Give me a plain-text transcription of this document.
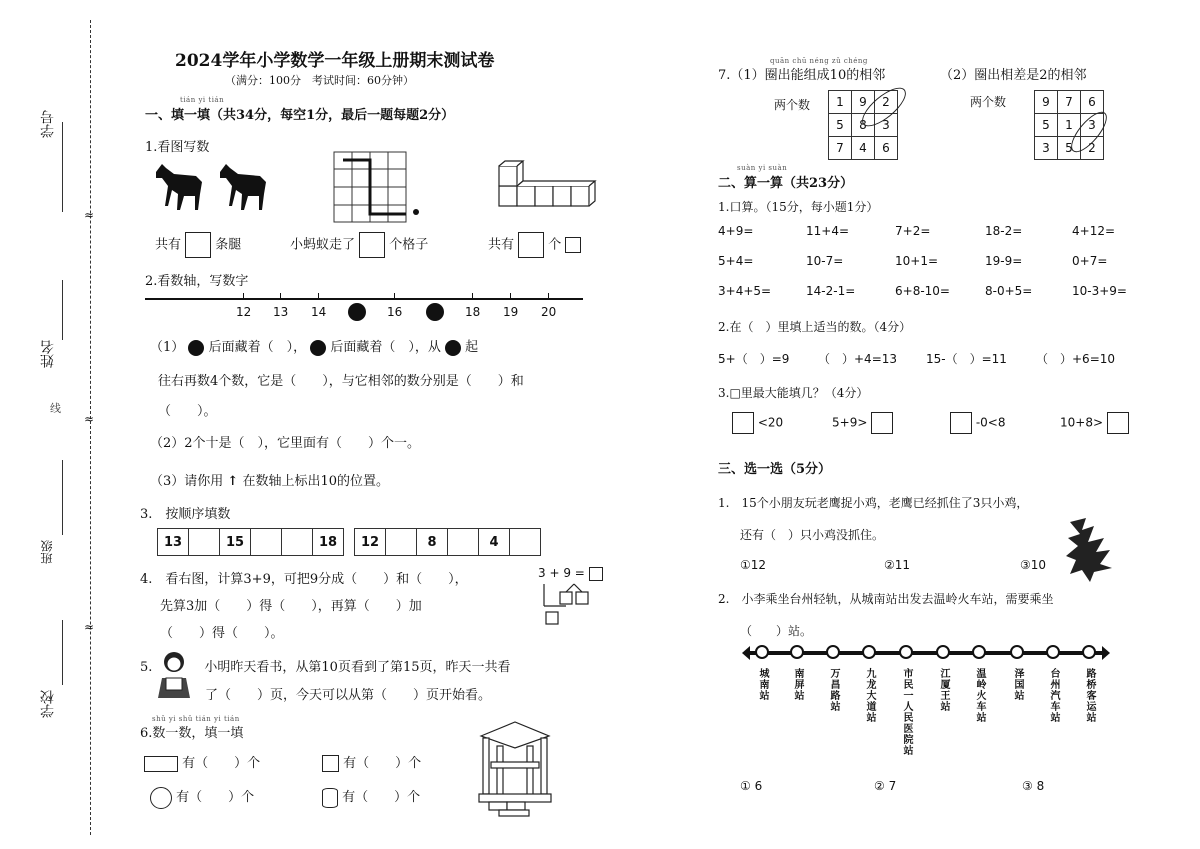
≈
≈
≈
学号
姓名
线
班级
学校
2024学年小学数学一年级上册期末测试卷
（满分：100分　考试时间：60分钟）
tián yi tián
一、填一填（共34分，每空1分，最后一题每题2分）
1.看图写数
共有	条腿	小蚂蚁走了	个格子	共有	个
2.看数轴，写数字
12 13 14	16	18 19 20
（1） 后面藏着（　）， 后面藏着（　），从 起
往右再数4个数，它是（　　），与它相邻的数分别是（　　）和
（　　）。
（2）2个十是（　），它里面有（　　）个一。
（3）请你用 ↑ 在数轴上标出10的位置。
3.　按顺序填数
13		15			18 12		8		4	
4.　看右图，计算3+9，可把9分成（　　）和（　　），
先算3加（　　）得（　　），再算（　　）加
（　　）得（　　）。
3 + 9 =
5.　　　　小明昨天看书，从第10页看到了第15页，昨天一共看
了（　　）页，今天可以从第（　　）页开始看。
shǔ yi shǔ tián yi tián
6.数一数，填一填
有（　　）个	有（　　）个
有（　　）个	有（　　）个
quān chū néng zǔ chéng
7.（1）圈出能组成10的相邻	（2）圈出相差是2的相邻
两个数 1	9	2
5	8	3
7	4	6
两个数	9	7	6
5	1	3
3	5	2
suàn yi suàn
二、算一算（共23分）
1.口算。（15分，每小题1分）
4+9=	11+4=	7+2=	18-2=	4+12=
5+4=	10-7=	10+1=	19-9=	0+7=
3+4+5=	14-2-1=	6+8-10=	8-0+5=	10-3+9=
2.在（　）里填上适当的数。（4分）
5+（　）=9 （　）+4=13 15-（　）=11 （　）+6=10
3.□里最大能填几？（4分）
<20	5+9>	-0<8	10+8>
三、选一选（5分）
1.　15个小朋友玩老鹰捉小鸡，老鹰已经抓住了3只小鸡，
还有（　）只小鸡没抓住。
①12	②11	③10
2.　小李乘坐台州轻轨，从城南站出发去温岭火车站，需要乘坐
（　　）站。
城南站 南屏站	万昌路站	九龙大道站	市民一人民医院站	江厦王站	温岭火车站	泽国站	台州汽车站	路桥客运站
① 6	② 7	③ 8
